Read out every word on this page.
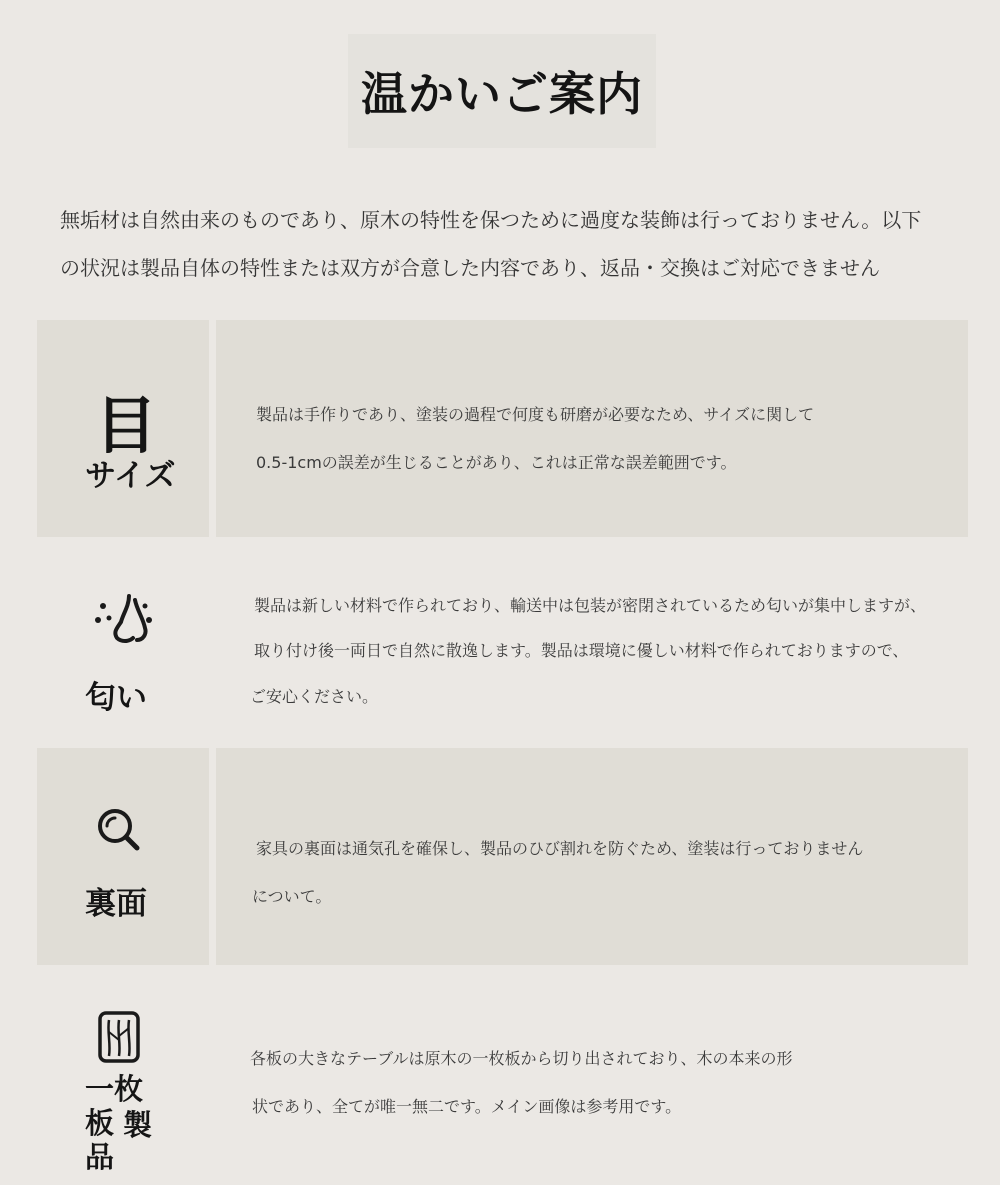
温かいご案内

無垢材は自然由来のものであり、原木の特性を保つために過度な装飾は行っておりません。以下

の状況は製品自体の特性または双方が合意した内容であり、返品・交換はご対応できません

目
サイズ

製品は手作りであり、塗装の過程で何度も研磨が必要なため、サイズに関して

0.5-1cmの誤差が生じることがあり、これは正常な誤差範囲です。

匂い

製品は新しい材料で作られており、輸送中は包装が密閉されているため匂いが集中しますが、

取り付け後一両日で自然に散逸します。製品は環境に優しい材料で作られておりますので、

ご安心ください。

裏面

家具の裏面は通気孔を確保し、製品のひび割れを防ぐため、塗装は行っておりません

について。

一枚
板 製
品

各板の大きなテーブルは原木の一枚板から切り出されており、木の本来の形

状であり、全てが唯一無二です。メイン画像は参考用です。
